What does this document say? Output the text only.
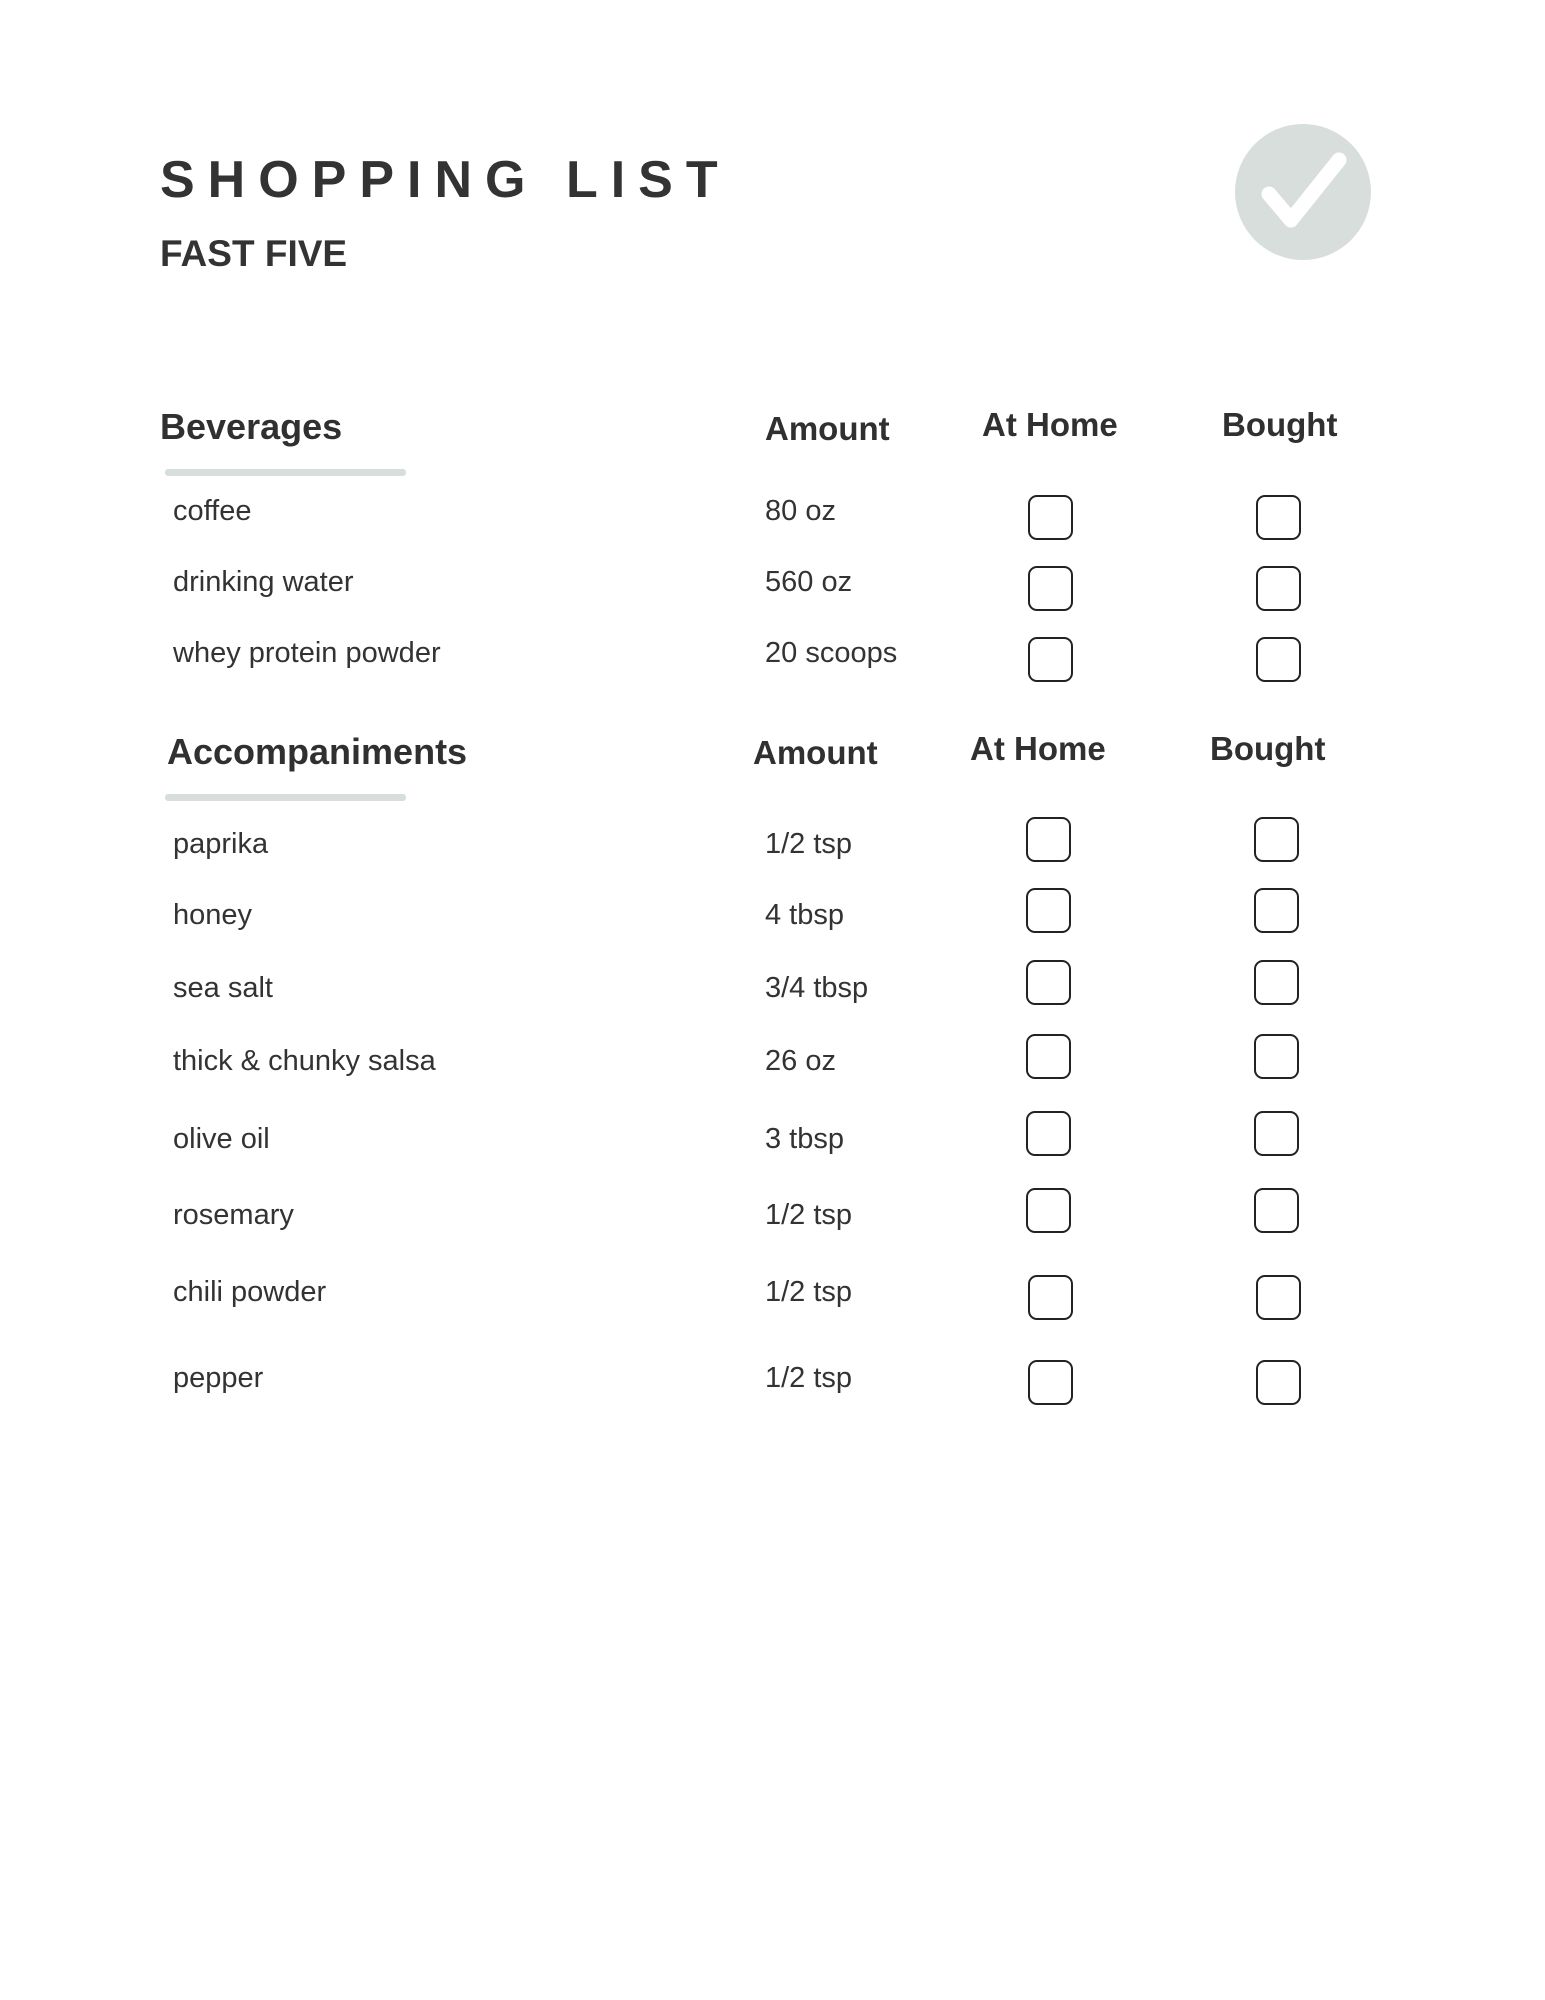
SHOPPING LIST
FAST FIVE
Beverages	Amount	At Home	Bought
coffee	80 oz
drinking water	560 oz
whey protein powder	20 scoops
Accompaniments	Amount	At Home	Bought
paprika	1/2 tsp
honey	4 tbsp
sea salt	3/4 tbsp
thick & chunky salsa	26 oz
olive oil	3 tbsp
rosemary	1/2 tsp
chili powder	1/2 tsp
pepper	1/2 tsp
